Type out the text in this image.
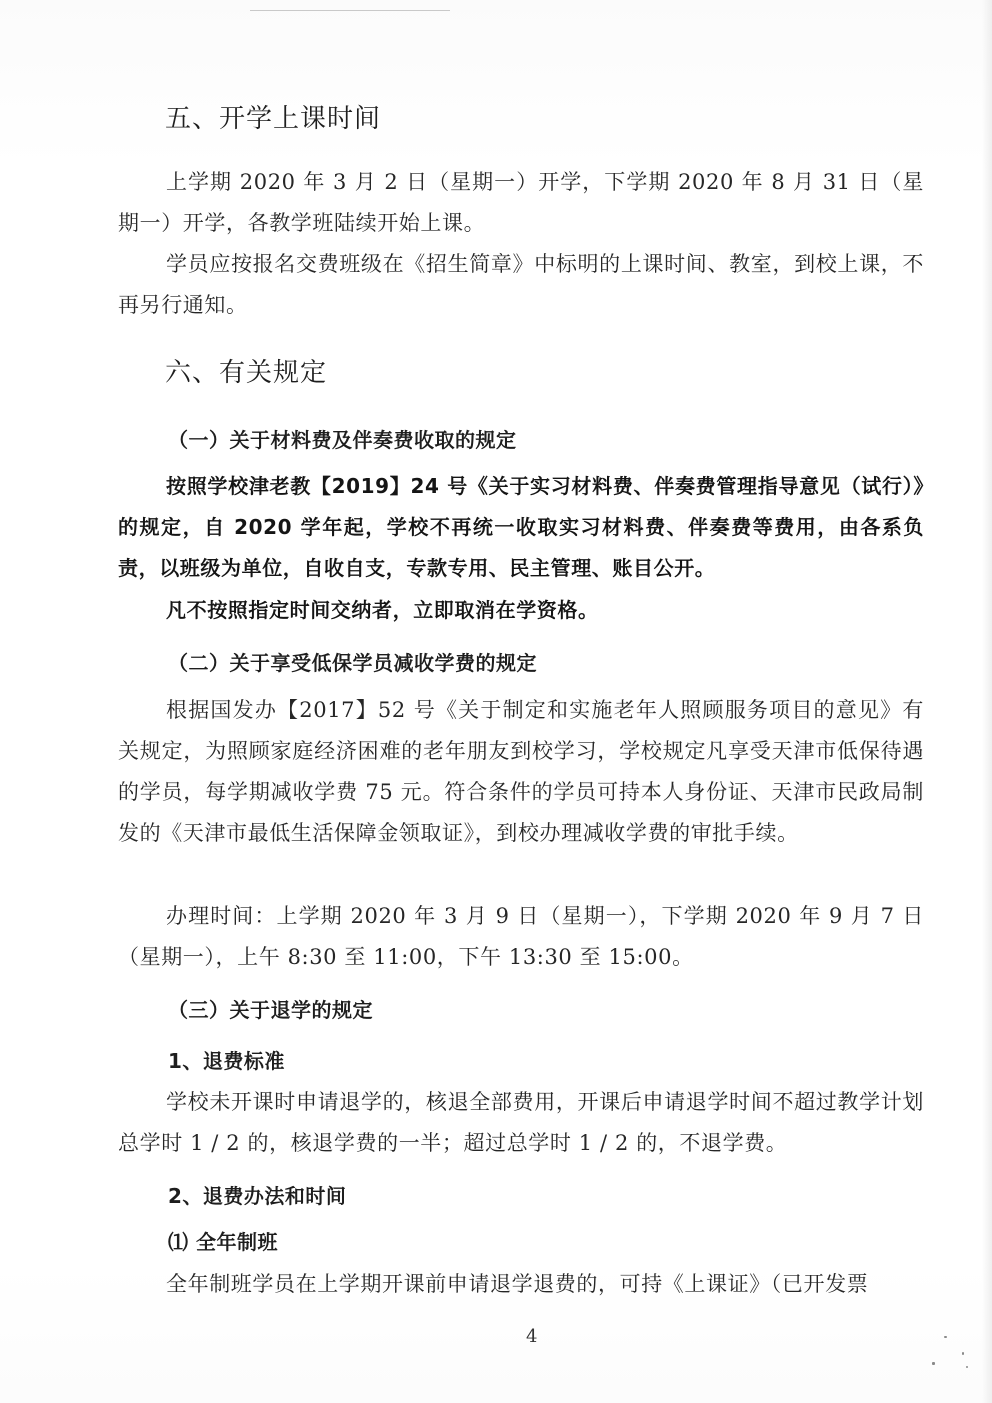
五、开学上课时间

上学期 2020 年 3 月 2 日（星期一）开学，下学期 2020 年 8 月 31 日（星期一）开学，各教学班陆续开始上课。

学员应按报名交费班级在《招生简章》中标明的上课时间、教室，到校上课，不再另行通知。

六、有关规定
（一）关于材料费及伴奏费收取的规定

按照学校津老教【2019】24 号《关于实习材料费、伴奏费管理指导意见（试行）》的规定，自 2020 学年起，学校不再统一收取实习材料费、伴奏费等费用，由各系负责，以班级为单位，自收自支，专款专用、民主管理、账目公开。

凡不按照指定时间交纳者，立即取消在学资格。

（二）关于享受低保学员减收学费的规定

根据国发办【2017】52 号《关于制定和实施老年人照顾服务项目的意见》有关规定，为照顾家庭经济困难的老年朋友到校学习，学校规定凡享受天津市低保待遇的学员，每学期减收学费 75 元。符合条件的学员可持本人身份证、天津市民政局制发的《天津市最低生活保障金领取证》，到校办理减收学费的审批手续。

办理时间：上学期 2020 年 3 月 9 日（星期一），下学期 2020 年 9 月 7 日（星期一），上午 8:30 至 11:00，下午 13:30 至 15:00。

（三）关于退学的规定
1、退费标准

学校未开课时申请退学的，核退全部费用，开课后申请退学时间不超过教学计划总学时 1 / 2 的，核退学费的一半；超过总学时 1 / 2 的，不退学费。

2、退费办法和时间
⑴ 全年制班

全年制班学员在上学期开课前申请退学退费的，可持《上课证》（已开发票

4
